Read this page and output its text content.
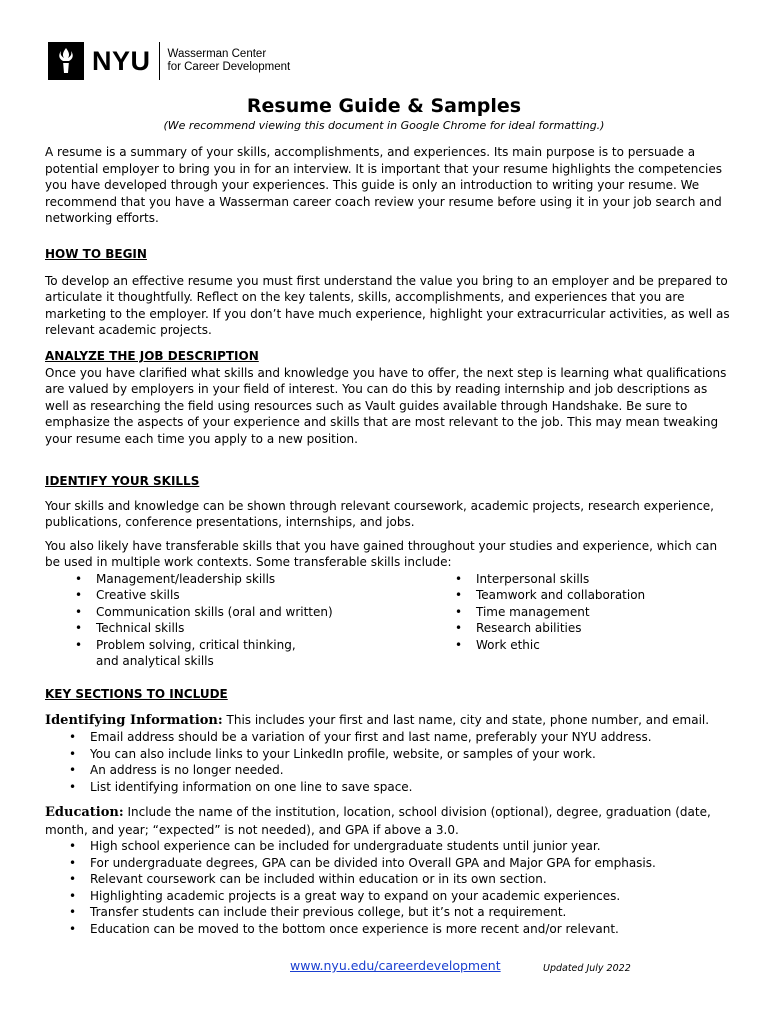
NYU Wasserman Center
for Career Development
Resume Guide & Samples
(We recommend viewing this document in Google Chrome for ideal formatting.)

A resume is a summary of your skills, accomplishments, and experiences. Its main purpose is to persuade a potential employer to bring you in for an interview. It is important that your resume highlights the competencies you have developed through your experiences. This guide is only an introduction to writing your resume. We recommend that you have a Wasserman career coach review your resume before using it in your job search and networking efforts.

HOW TO BEGIN

To develop an effective resume you must first understand the value you bring to an employer and be prepared to articulate it thoughtfully. Reflect on the key talents, skills, accomplishments, and experiences that you are marketing to the employer. If you don’t have much experience, highlight your extracurricular activities, as well as relevant academic projects.

ANALYZE THE JOB DESCRIPTION

Once you have clarified what skills and knowledge you have to offer, the next step is learning what qualifications are valued by employers in your field of interest. You can do this by reading internship and job descriptions as well as researching the field using resources such as Vault guides available through Handshake. Be sure to emphasize the aspects of your experience and skills that are most relevant to the job. This may mean tweaking your resume each time you apply to a new position.

IDENTIFY YOUR SKILLS

Your skills and knowledge can be shown through relevant coursework, academic projects, research experience, publications, conference presentations, internships, and jobs.

You also likely have transferable skills that you have gained throughout your studies and experience, which can be used in multiple work contexts. Some transferable skills include:

• Management/leadership skills
• Creative skills
• Communication skills (oral and written)
• Technical skills
• Problem solving, critical thinking, and analytical skills
• Interpersonal skills
• Teamwork and collaboration
• Time management
• Research abilities
• Work ethic

KEY SECTIONS TO INCLUDE

Identifying Information: This includes your first and last name, city and state, phone number, and email.

• Email address should be a variation of your first and last name, preferably your NYU address.
• You can also include links to your LinkedIn profile, website, or samples of your work.
• An address is no longer needed.
• List identifying information on one line to save space.

Education: Include the name of the institution, location, school division (optional), degree, graduation (date, month, and year; “expected” is not needed), and GPA if above a 3.0.

• High school experience can be included for undergraduate students until junior year.
• For undergraduate degrees, GPA can be divided into Overall GPA and Major GPA for emphasis.
• Relevant coursework can be included within education or in its own section.
• Highlighting academic projects is a great way to expand on your academic experiences.
• Transfer students can include their previous college, but it’s not a requirement.
• Education can be moved to the bottom once experience is more recent and/or relevant.
www.nyu.edu/careerdevelopment	Updated July 2022
